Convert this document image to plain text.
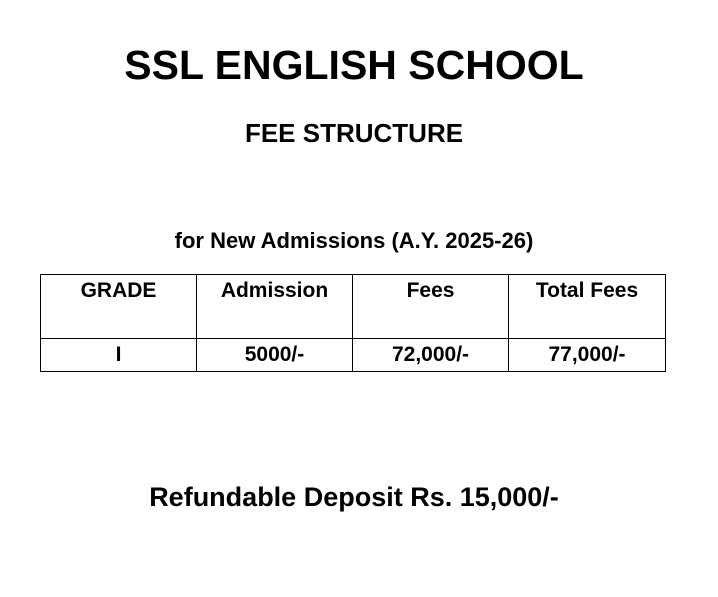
SSL ENGLISH SCHOOL
FEE STRUCTURE
for New Admissions (A.Y. 2025-26)
GRADE	Admission	Fees	Total Fees
I	5000/-	72,000/-	77,000/-
Refundable Deposit Rs. 15,000/-
